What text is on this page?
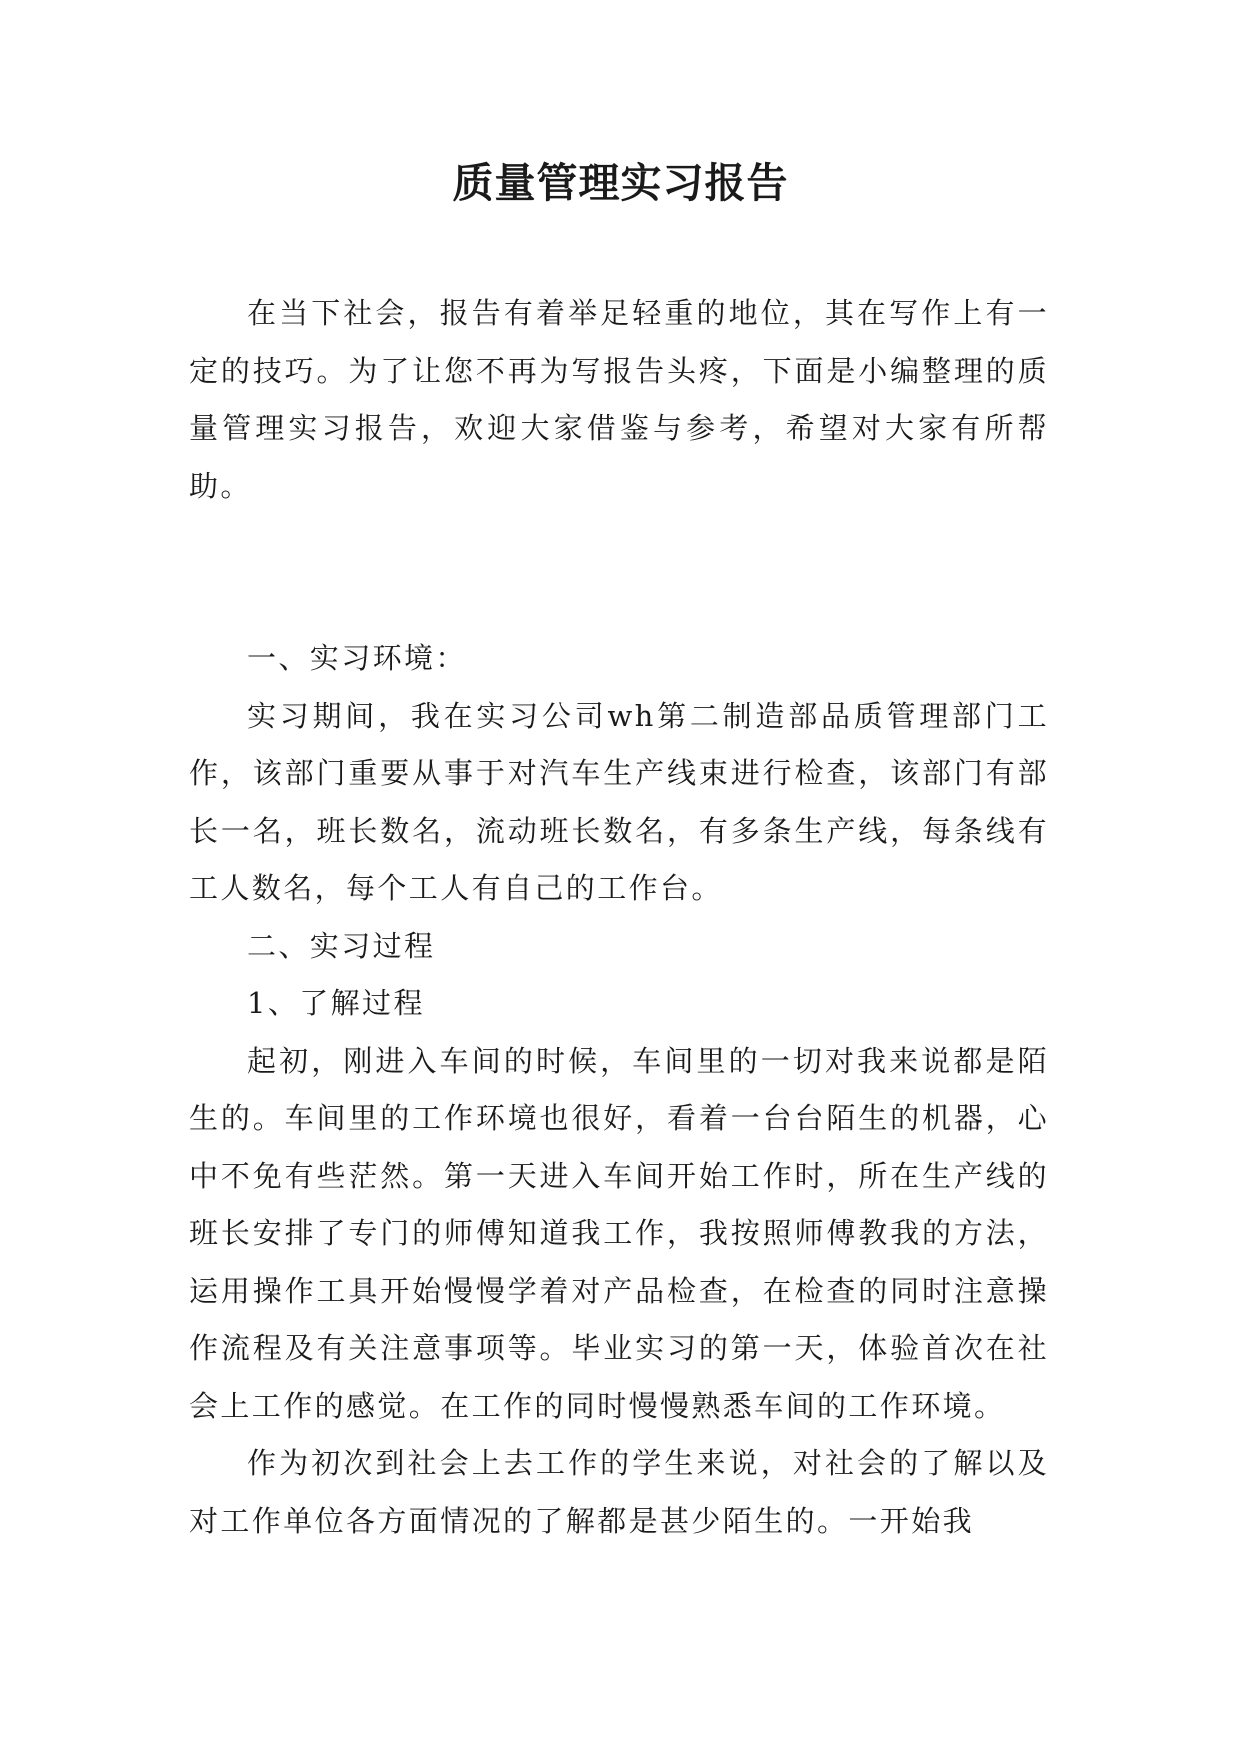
质量管理实习报告

在当下社会，报告有着举足轻重的地位，其在写作上有一定的技巧。为了让您不再为写报告头疼，下面是小编整理的质量管理实习报告，欢迎大家借鉴与参考，希望对大家有所帮助。

一、实习环境：

实习期间，我在实习公司wh第二制造部品质管理部门工作，该部门重要从事于对汽车生产线束进行检查，该部门有部长一名，班长数名，流动班长数名，有多条生产线，每条线有工人数名，每个工人有自己的工作台。

二、实习过程

1、了解过程

起初，刚进入车间的时候，车间里的一切对我来说都是陌生的。车间里的工作环境也很好，看着一台台陌生的机器，心中不免有些茫然。第一天进入车间开始工作时，所在生产线的班长安排了专门的师傅知道我工作，我按照师傅教我的方法，运用操作工具开始慢慢学着对产品检查，在检查的同时注意操作流程及有关注意事项等。毕业实习的第一天，体验首次在社会上工作的感觉。在工作的同时慢慢熟悉车间的工作环境。

作为初次到社会上去工作的学生来说，对社会的了解以及对工作单位各方面情况的了解都是甚少陌生的。一开始我
